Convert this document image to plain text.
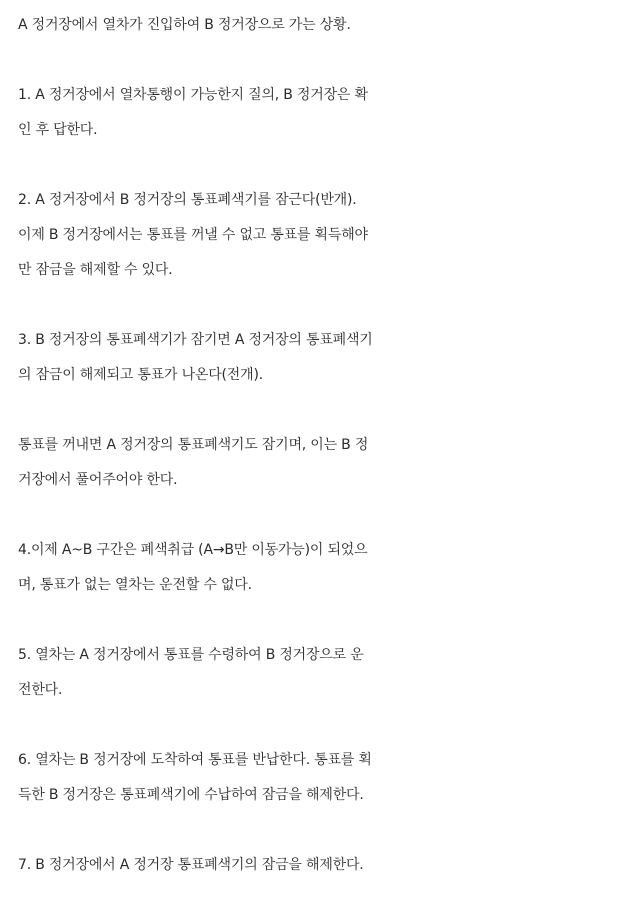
A 정거장에서 열차가 진입하여 B 정거장으로 가는 상황.

1. A 정거장에서 열차통행이 가능한지 질의, B 정거장은 확
인 후 답한다.

2. A 정거장에서 B 정거장의 통표폐색기를 잠근다(반개).
이제 B 정거장에서는 통표를 꺼낼 수 없고 통표를 획득해야
만 잠금을 해제할 수 있다.

3. B 정거장의 통표폐색기가 잠기면 A 정거장의 통표폐색기
의 잠금이 해제되고 통표가 나온다(전개).

통표를 꺼내면 A 정거장의 통표폐색기도 잠기며, 이는 B 정
거장에서 풀어주어야 한다.

4.이제 A~B 구간은 폐색취급 (A→B만 이동가능)이 되었으
며, 통표가 없는 열차는 운전할 수 없다.

5. 열차는 A 정거장에서 통표를 수령하여 B 정거장으로 운
전한다.

6. 열차는 B 정거장에 도착하여 통표를 반납한다. 통표를 획
득한 B 정거장은 통표폐색기에 수납하여 잠금을 해제한다.

7. B 정거장에서 A 정거장 통표폐색기의 잠금을 해제한다.
